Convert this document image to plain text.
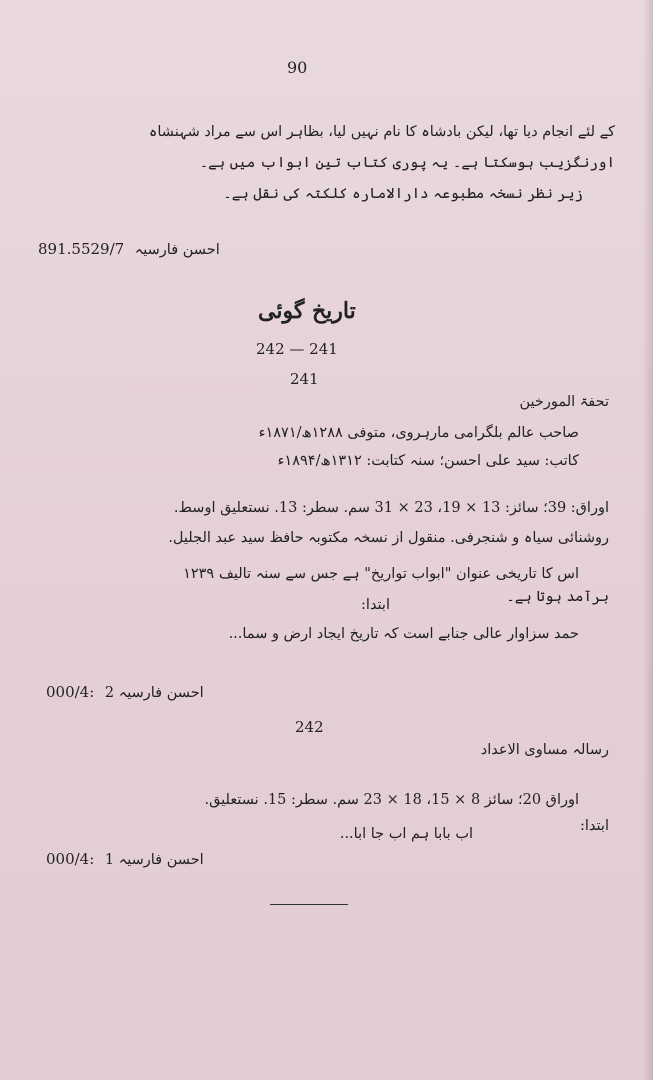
90
کے لئے انجام دیا تھا، لیکن بادشاہ کا نام نہیں لیا، بظاہر اس سے مراد شہنشاہ
اورنگزیب ہوسکتا ہے۔ یہ پوری کتاب تین ابواب میں ہے۔
زیر نظر نسخہ مطبوعہ دارالامارہ کلکتہ کی نقل ہے۔
891.5529/7 احسن فارسیہ
تاریخ گوئی
242 — 241
241
تحفۃ المورخین
صاحب عالم بلگرامی مارہروی، متوفی ۱۲۸۸ھ/۱۸۷۱ء
کاتب: سید علی احسن؛ سنہ کتابت: ۱۳۱۲ھ/۱۸۹۴ء
اوراق: 39؛ سائز: 13 × 19، 23 × 31 سم. سطر: 13. نستعلیق اوسط.
روشنائی سیاہ و شنجرفی. منقول از نسخہ مکتوبہ حافظ سید عبد الجلیل.
اس کا تاریخی عنوان "ابواب تواریخ" ہے جس سے سنہ تالیف ۱۲۳۹
برآمد ہوتا ہے۔
ابتدا:
حمد سزاوار عالی جنابے است کہ تاریخ ایجاد ارض و سما...
000/4: احسن فارسیہ 2
242
رسالہ مساوی الاعداد
اوراق 20؛ سائز 8 × 15، 18 × 23 سم. سطر: 15. نستعلیق.
ابتدا:
اب بابا ہم اب جا ابا...
000/4: احسن فارسیہ 1
